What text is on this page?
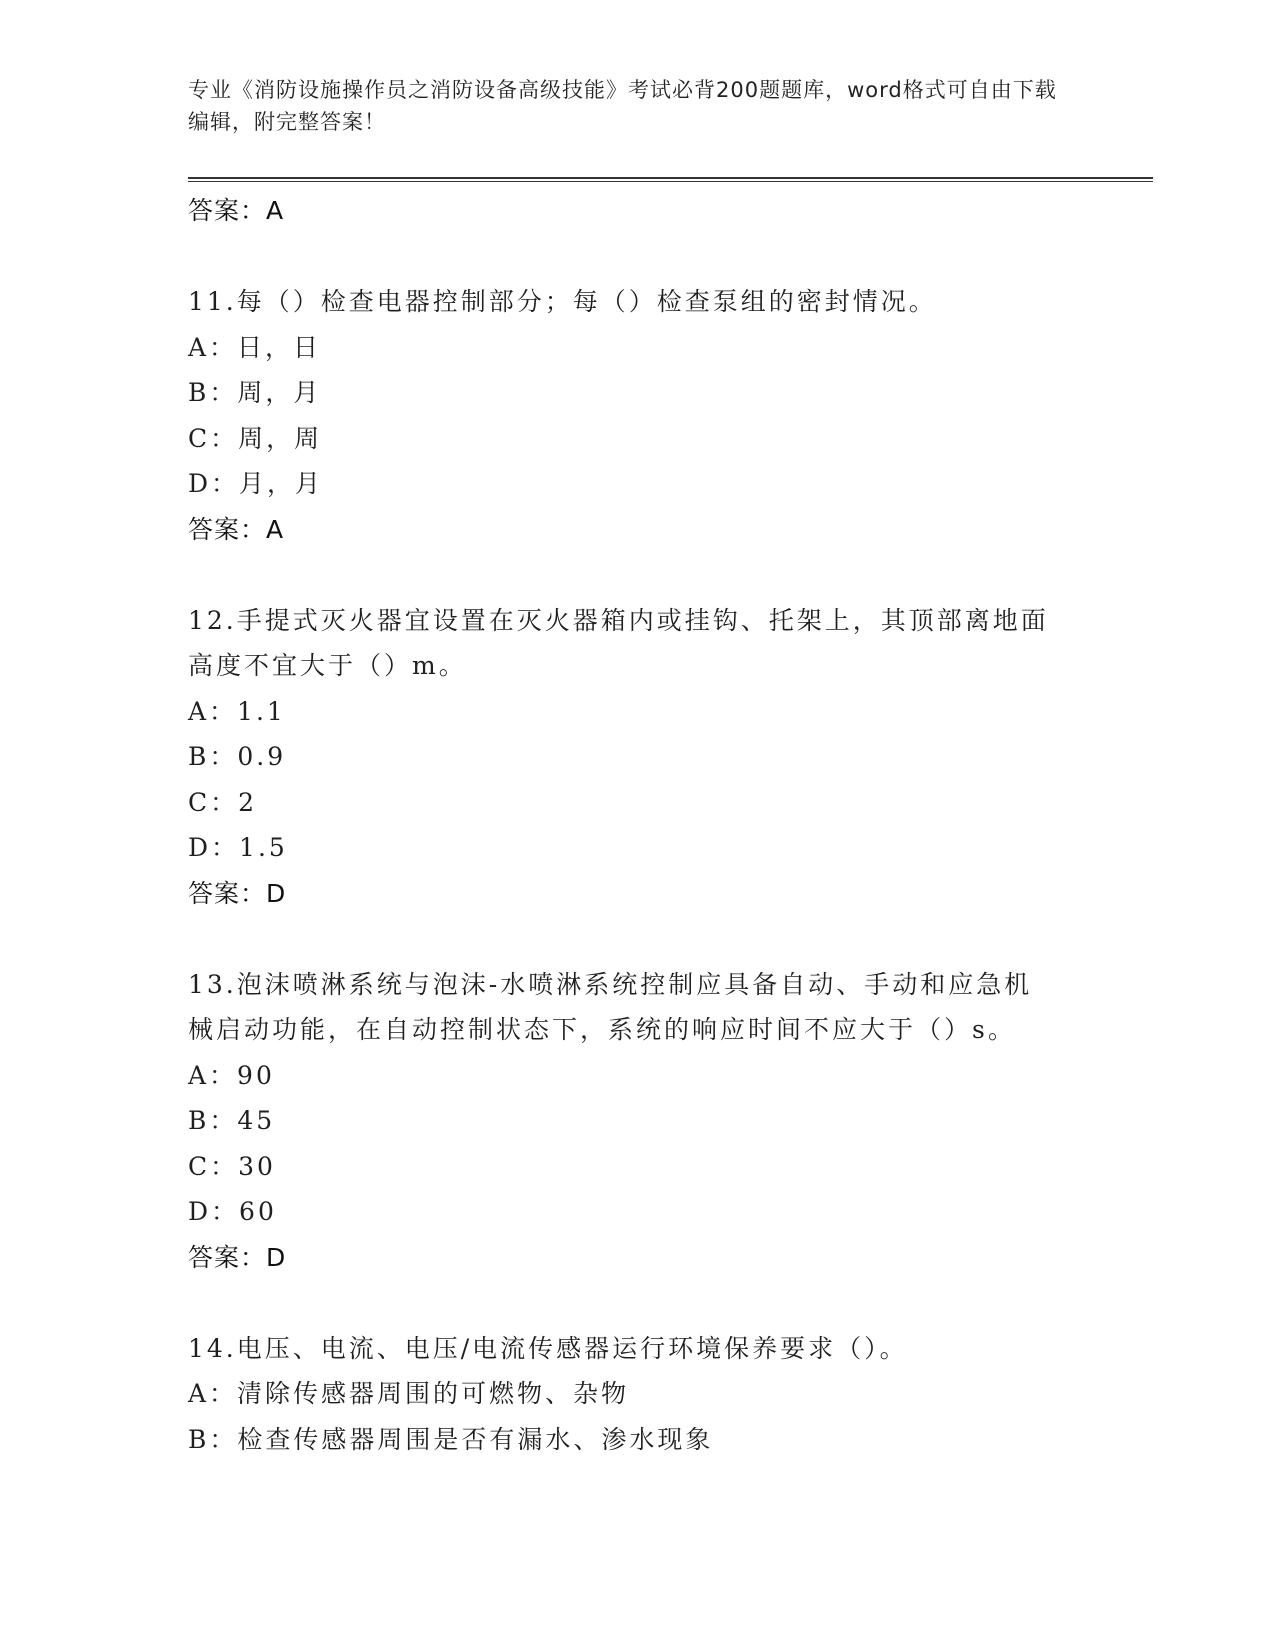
专业《消防设施操作员之消防设备高级技能》考试必背200题题库，word格式可自由下载编辑，附完整答案！
答案：A
11.每（）检查电器控制部分；每（）检查泵组的密封情况。
A：日，日
B：周，月
C：周，周
D：月，月
答案：A
12.手提式灭火器宜设置在灭火器箱内或挂钩、托架上，其顶部离地面
高度不宜大于（）m。
A：1.1
B：0.9
C：2
D：1.5
答案：D
13.泡沫喷淋系统与泡沫-水喷淋系统控制应具备自动、手动和应急机
械启动功能，在自动控制状态下，系统的响应时间不应大于（）s。
A：90
B：45
C：30
D：60
答案：D
14.电压、电流、电压/电流传感器运行环境保养要求（）。
A：清除传感器周围的可燃物、杂物
B：检查传感器周围是否有漏水、渗水现象
